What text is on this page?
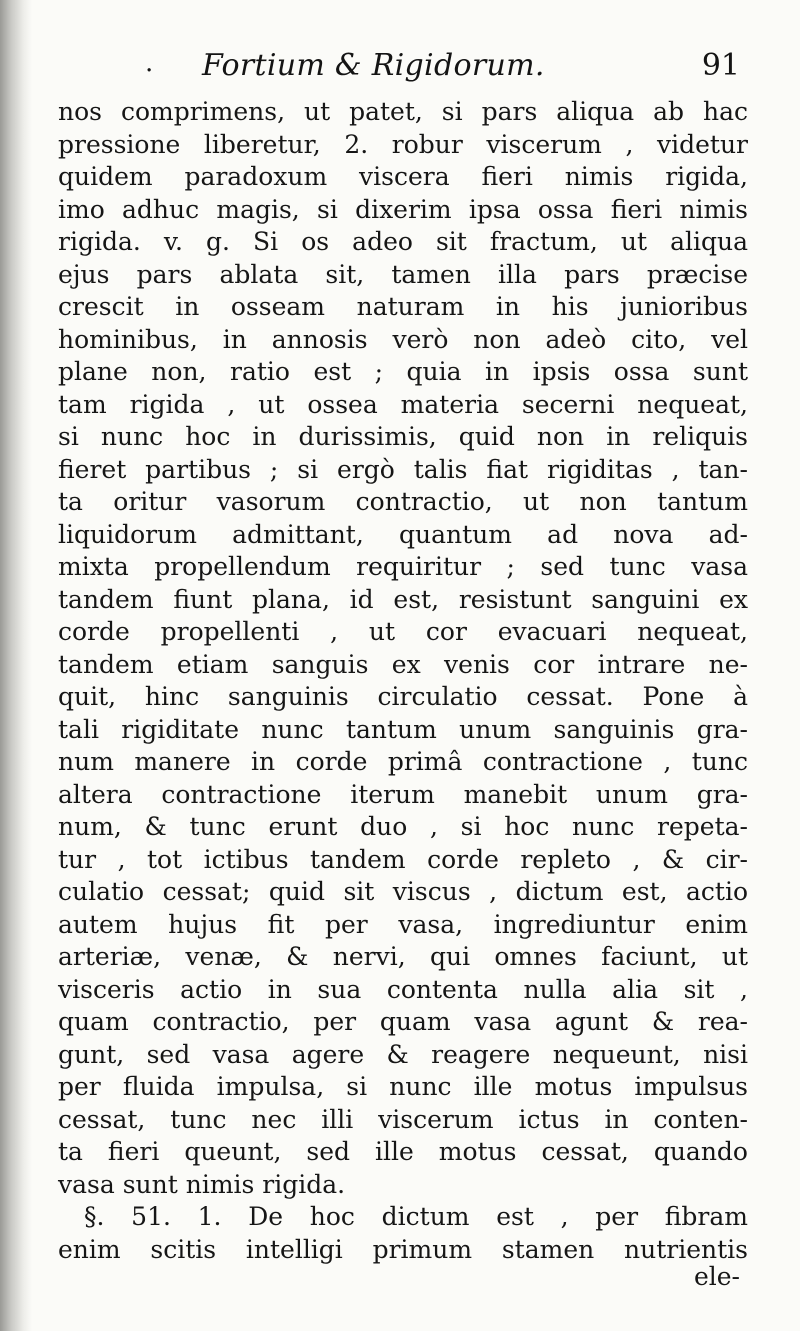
. Fortium & Rigidorum.	91
nos comprimens, ut patet, si pars aliqua ab hac
pressione liberetur, 2. robur viscerum , videtur
quidem paradoxum viscera fieri nimis rigida,
imo adhuc magis, si dixerim ipsa ossa fieri nimis
rigida. v. g. Si os adeo sit fractum, ut aliqua
ejus pars ablata sit, tamen illa pars præcise
crescit in osseam naturam in his junioribus
hominibus, in annosis verò non adeò cito, vel
plane non, ratio est ; quia in ipsis ossa sunt
tam rigida , ut ossea materia secerni nequeat,
si nunc hoc in durissimis, quid non in reliquis
fieret partibus ; si ergò talis fiat rigiditas , tan-
ta oritur vasorum contractio, ut non tantum
liquidorum admittant, quantum ad nova ad-
mixta propellendum requiritur ; sed tunc vasa
tandem fiunt plana, id est, resistunt sanguini ex
corde propellenti , ut cor evacuari nequeat,
tandem etiam sanguis ex venis cor intrare ne-
quit, hinc sanguinis circulatio cessat. Pone à
tali rigiditate nunc tantum unum sanguinis gra-
num manere in corde primâ contractione , tunc
altera contractione iterum manebit unum gra-
num, & tunc erunt duo , si hoc nunc repeta-
tur , tot ictibus tandem corde repleto , & cir-
culatio cessat; quid sit viscus , dictum est, actio
autem hujus fit per vasa, ingrediuntur enim
arteriæ, venæ, & nervi, qui omnes faciunt, ut
visceris actio in sua contenta nulla alia sit ,
quam contractio, per quam vasa agunt & rea-
gunt, sed vasa agere & reagere nequeunt, nisi
per fluida impulsa, si nunc ille motus impulsus
cessat, tunc nec illi viscerum ictus in conten-
ta fieri queunt, sed ille motus cessat, quando
vasa sunt nimis rigida.
§. 51. 1. De hoc dictum est , per fibram
enim scitis intelligi primum stamen nutrientis
ele-
